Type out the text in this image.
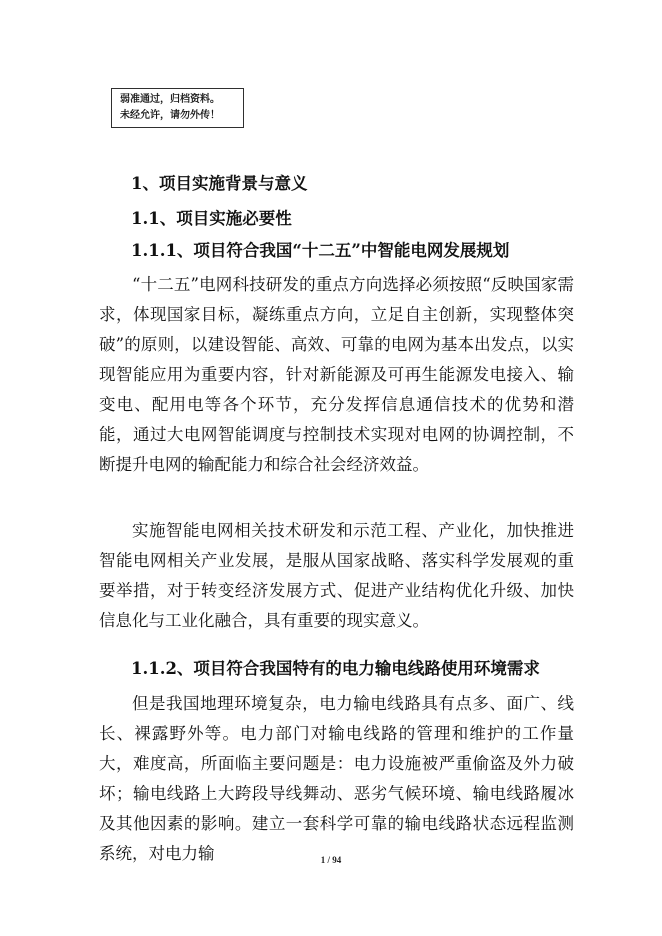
弱准通过，归档资料。
未经允许，请勿外传！
1、项目实施背景与意义
1.1、项目实施必要性
1.1.1、项目符合我国“十二五”中智能电网发展规划

“十二五”电网科技研发的重点方向选择必须按照“反映国家需求，体现国家目标，凝练重点方向，立足自主创新，实现整体突破”的原则，以建设智能、高效、可靠的电网为基本出发点，以实现智能应用为重要内容，针对新能源及可再生能源发电接入、输变电、配用电等各个环节，充分发挥信息通信技术的优势和潜能，通过大电网智能调度与控制技术实现对电网的协调控制，不断提升电网的输配能力和综合社会经济效益。

实施智能电网相关技术研发和示范工程、产业化，加快推进智能电网相关产业发展，是服从国家战略、落实科学发展观的重要举措，对于转变经济发展方式、促进产业结构优化升级、加快信息化与工业化融合，具有重要的现实意义。

1.1.2、项目符合我国特有的电力输电线路使用环境需求

但是我国地理环境复杂，电力输电线路具有点多、面广、线长、裸露野外等。电力部门对输电线路的管理和维护的工作量大，难度高，所面临主要问题是：电力设施被严重偷盗及外力破坏；输电线路上大跨段导线舞动、恶劣气候环境、输电线路履冰及其他因素的影响。建立一套科学可靠的输电线路状态远程监测系统，对电力输	1 / 94
